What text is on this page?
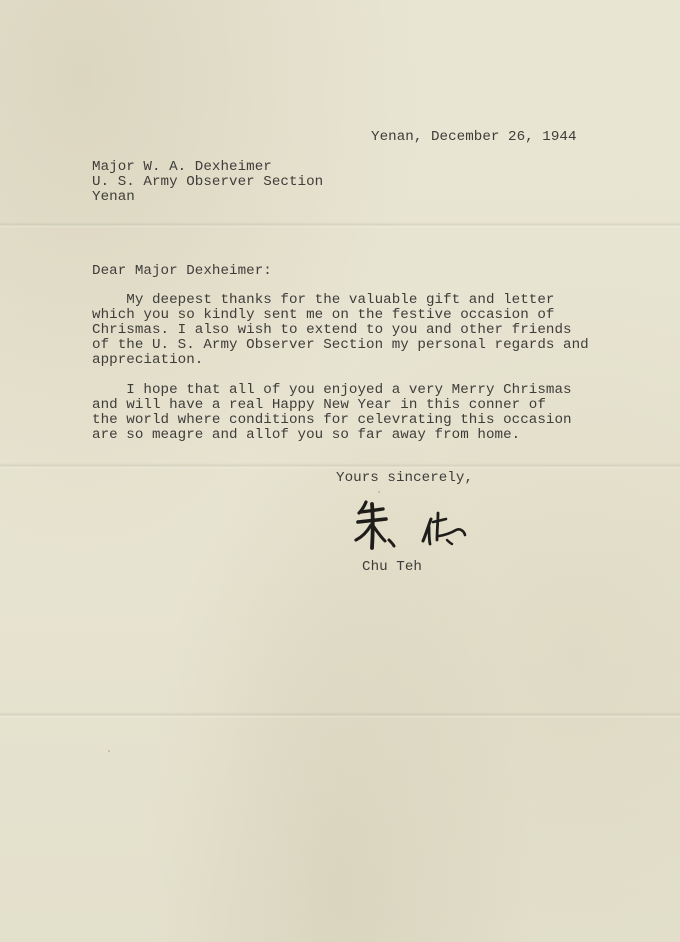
Yenan, December 26, 1944
Major W. A. Dexheimer
U. S. Army Observer Section
Yenan
Dear Major Dexheimer:
My deepest thanks for the valuable gift and letter
which you so kindly sent me on the festive occasion of
Chrismas. I also wish to extend to you and other friends
of the U. S. Army Observer Section my personal regards and
appreciation.
I hope that all of you enjoyed a very Merry Chrismas
and will have a real Happy New Year in this conner of
the world where conditions for celevrating this occasion
are so meagre and allof you so far away from home.
Yours sincerely,
Chu Teh
